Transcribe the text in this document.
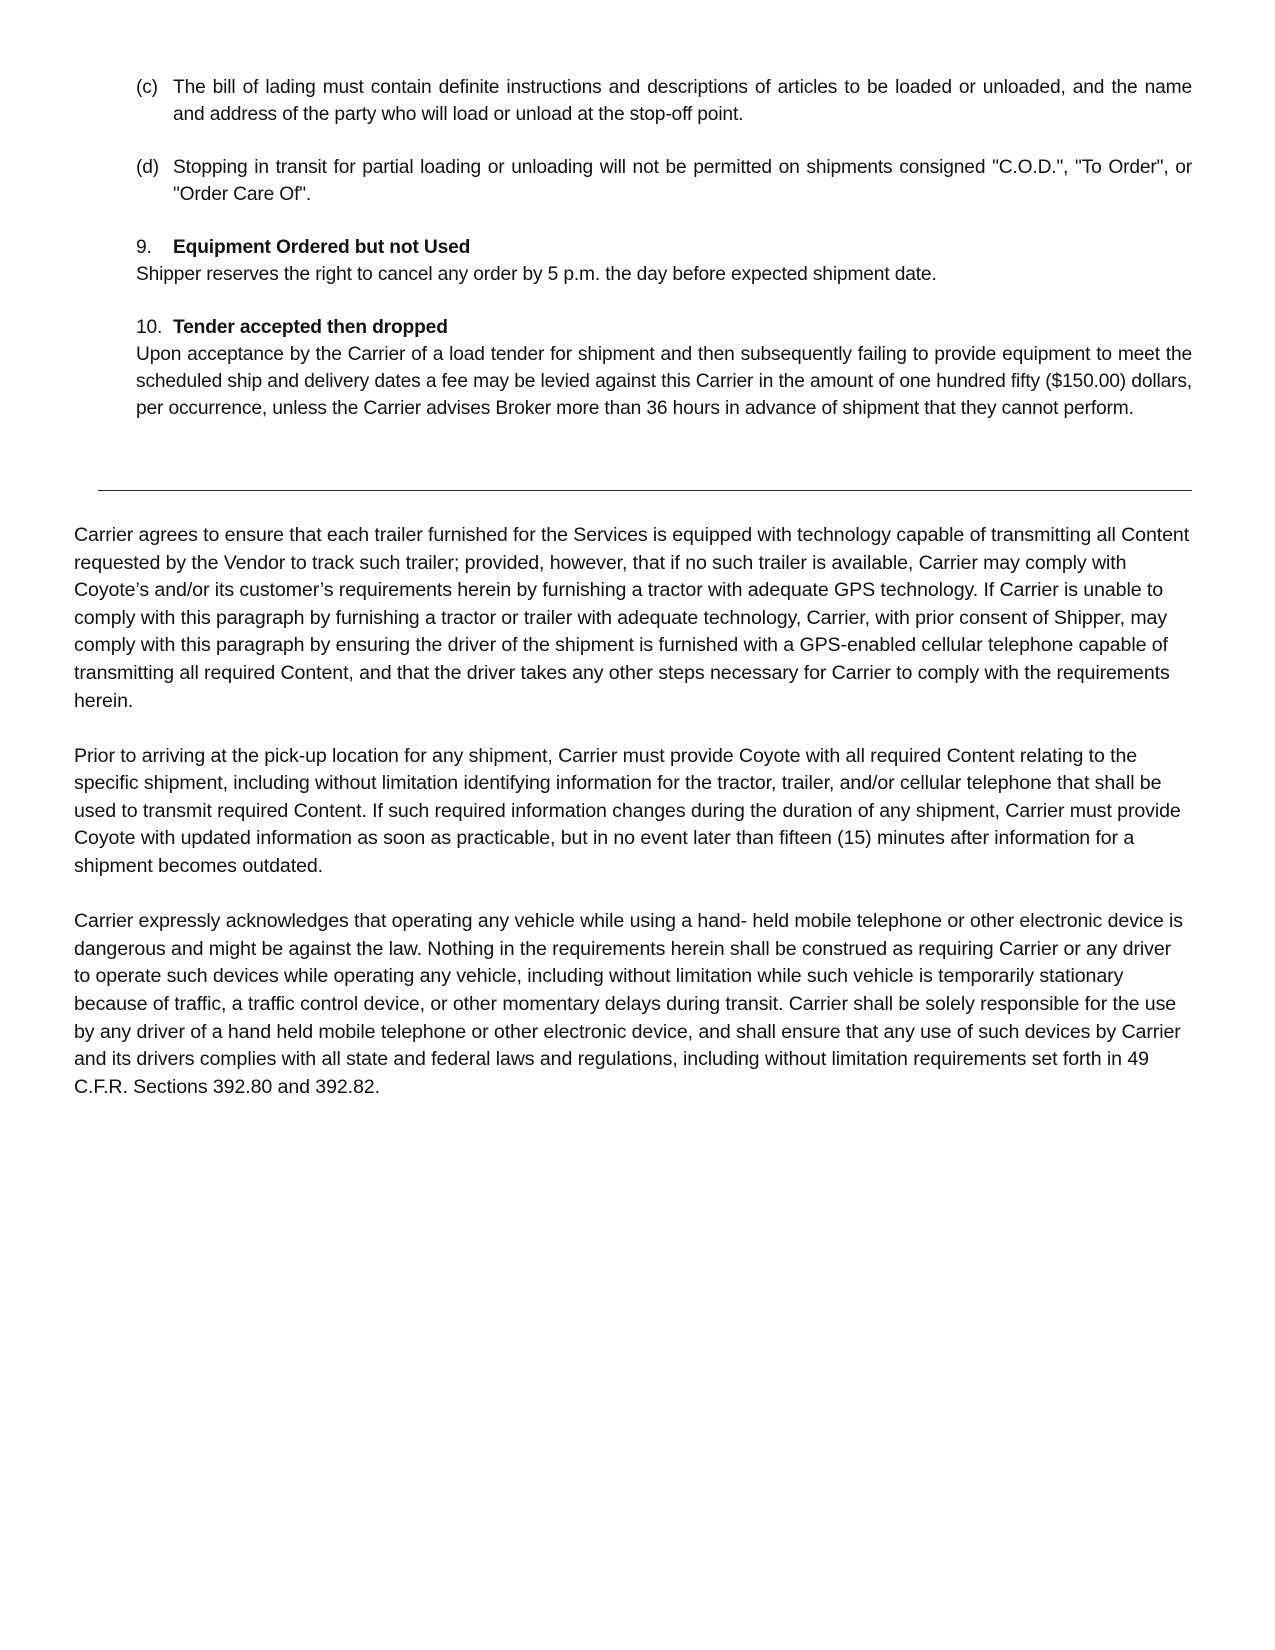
(c) The bill of lading must contain definite instructions and descriptions of articles to be loaded or unloaded, and the name and address of the party who will load or unload at the stop-off point.
(d) Stopping in transit for partial loading or unloading will not be permitted on shipments consigned "C.O.D.", "To Order", or "Order Care Of".
9.	Equipment Ordered but not Used
Shipper reserves the right to cancel any order by 5 p.m. the day before expected shipment date.
10. Tender accepted then dropped
Upon acceptance by the Carrier of a load tender for shipment and then subsequently failing to provide equipment to meet the scheduled ship and delivery dates a fee may be levied against this Carrier in the amount of one hundred fifty ($150.00) dollars, per occurrence, unless the Carrier advises Broker more than 36 hours in advance of shipment that they cannot perform.

Carrier agrees to ensure that each trailer furnished for the Services is equipped with technology capable of transmitting all Content requested by the Vendor to track such trailer; provided, however, that if no such trailer is available, Carrier may comply with Coyote’s and/or its customer’s requirements herein by furnishing a tractor with adequate GPS technology. If Carrier is unable to comply with this paragraph by furnishing a tractor or trailer with adequate technology, Carrier, with prior consent of Shipper, may comply with this paragraph by ensuring the driver of the shipment is furnished with a GPS-enabled cellular telephone capable of transmitting all required Content, and that the driver takes any other steps necessary for Carrier to comply with the requirements herein.

Prior to arriving at the pick-up location for any shipment, Carrier must provide Coyote with all required Content relating to the specific shipment, including without limitation identifying information for the tractor, trailer, and/or cellular telephone that shall be used to transmit required Content. If such required information changes during the duration of any shipment, Carrier must provide Coyote with updated information as soon as practicable, but in no event later than fifteen (15) minutes after information for a shipment becomes outdated.

Carrier expressly acknowledges that operating any vehicle while using a hand- held mobile telephone or other electronic device is dangerous and might be against the law. Nothing in the requirements herein shall be construed as requiring Carrier or any driver to operate such devices while operating any vehicle, including without limitation while such vehicle is temporarily stationary because of traffic, a traffic control device, or other momentary delays during transit. Carrier shall be solely responsible for the use by any driver of a hand held mobile telephone or other electronic device, and shall ensure that any use of such devices by Carrier and its drivers complies with all state and federal laws and regulations, including without limitation requirements set forth in 49 C.F.R. Sections 392.80 and 392.82.
